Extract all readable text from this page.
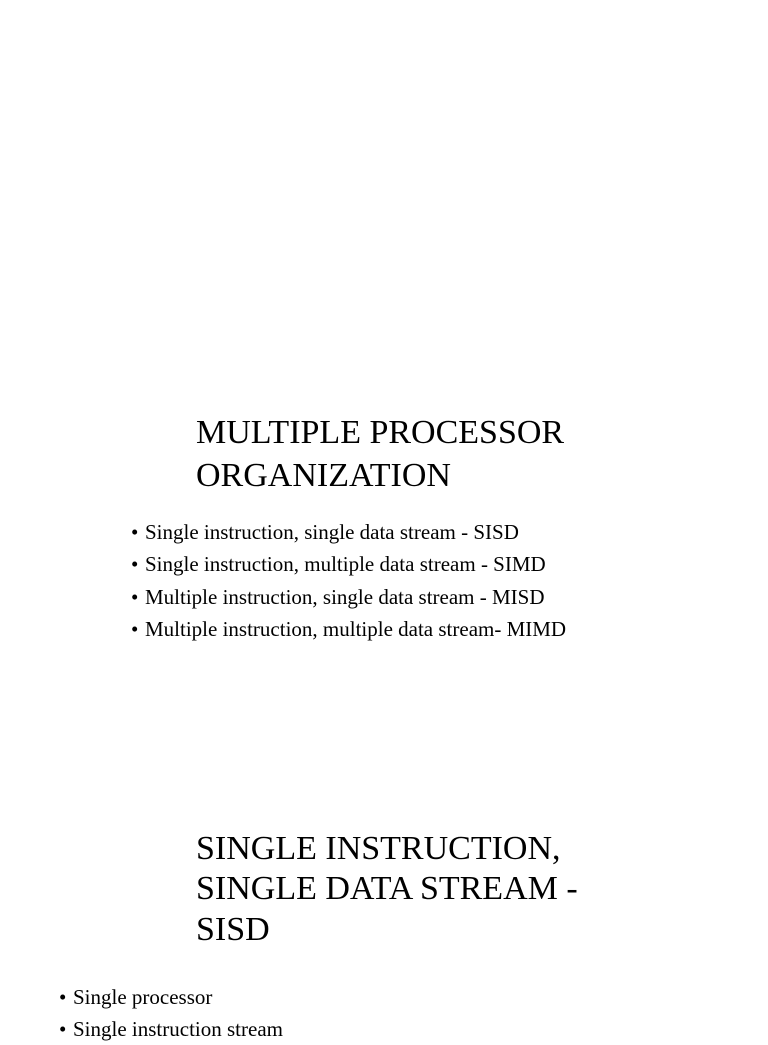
MULTIPLE PROCESSOR
ORGANIZATION
• Single instruction, single data stream - SISD
• Single instruction, multiple data stream - SIMD
• Multiple instruction, single data stream - MISD
• Multiple instruction, multiple data stream- MIMD
SINGLE INSTRUCTION,
SINGLE DATA STREAM -
SISD
• Single processor
• Single instruction stream
